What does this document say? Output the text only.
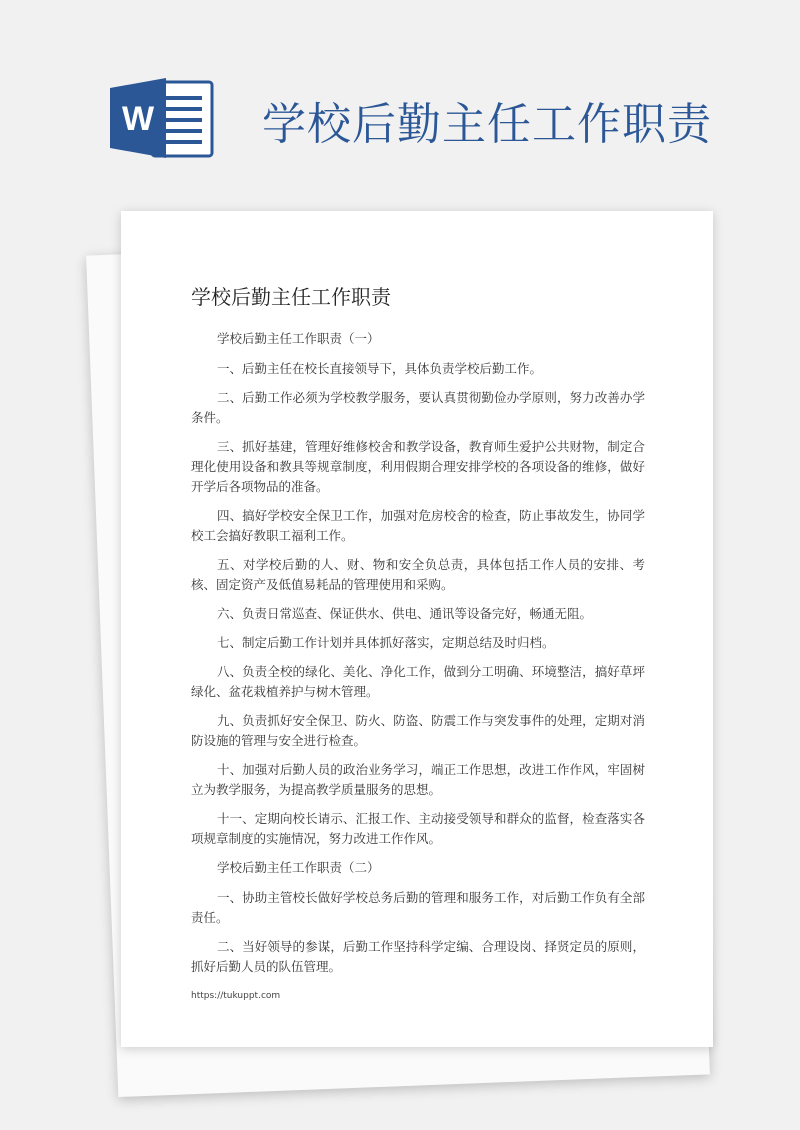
W 学校后勤主任工作职责
学校后勤主任工作职责

学校后勤主任工作职责（一）

一、后勤主任在校长直接领导下，具体负责学校后勤工作。

二、后勤工作必须为学校教学服务，要认真贯彻勤俭办学原则，努力改善办学条件。

三、抓好基建，管理好维修校舍和教学设备，教育师生爱护公共财物，制定合理化使用设备和教具等规章制度，利用假期合理安排学校的各项设备的维修，做好开学后各项物品的准备。

四、搞好学校安全保卫工作，加强对危房校舍的检查，防止事故发生，协同学校工会搞好教职工福利工作。

五、对学校后勤的人、财、物和安全负总责，具体包括工作人员的安排、考核、固定资产及低值易耗品的管理使用和采购。

六、负责日常巡查、保证供水、供电、通讯等设备完好，畅通无阻。

七、制定后勤工作计划并具体抓好落实，定期总结及时归档。

八、负责全校的绿化、美化、净化工作，做到分工明确、环境整洁，搞好草坪绿化、盆花栽植养护与树木管理。

九、负责抓好安全保卫、防火、防盗、防震工作与突发事件的处理，定期对消防设施的管理与安全进行检查。

十、加强对后勤人员的政治业务学习，端正工作思想，改进工作作风，牢固树立为教学服务，为提高教学质量服务的思想。

十一、定期向校长请示、汇报工作、主动接受领导和群众的监督，检查落实各项规章制度的实施情况，努力改进工作作风。

学校后勤主任工作职责（二）

一、协助主管校长做好学校总务后勤的管理和服务工作，对后勤工作负有全部责任。

二、当好领导的参谋，后勤工作坚持科学定编、合理设岗、择贤定员的原则，抓好后勤人员的队伍管理。

https://tukuppt.com
